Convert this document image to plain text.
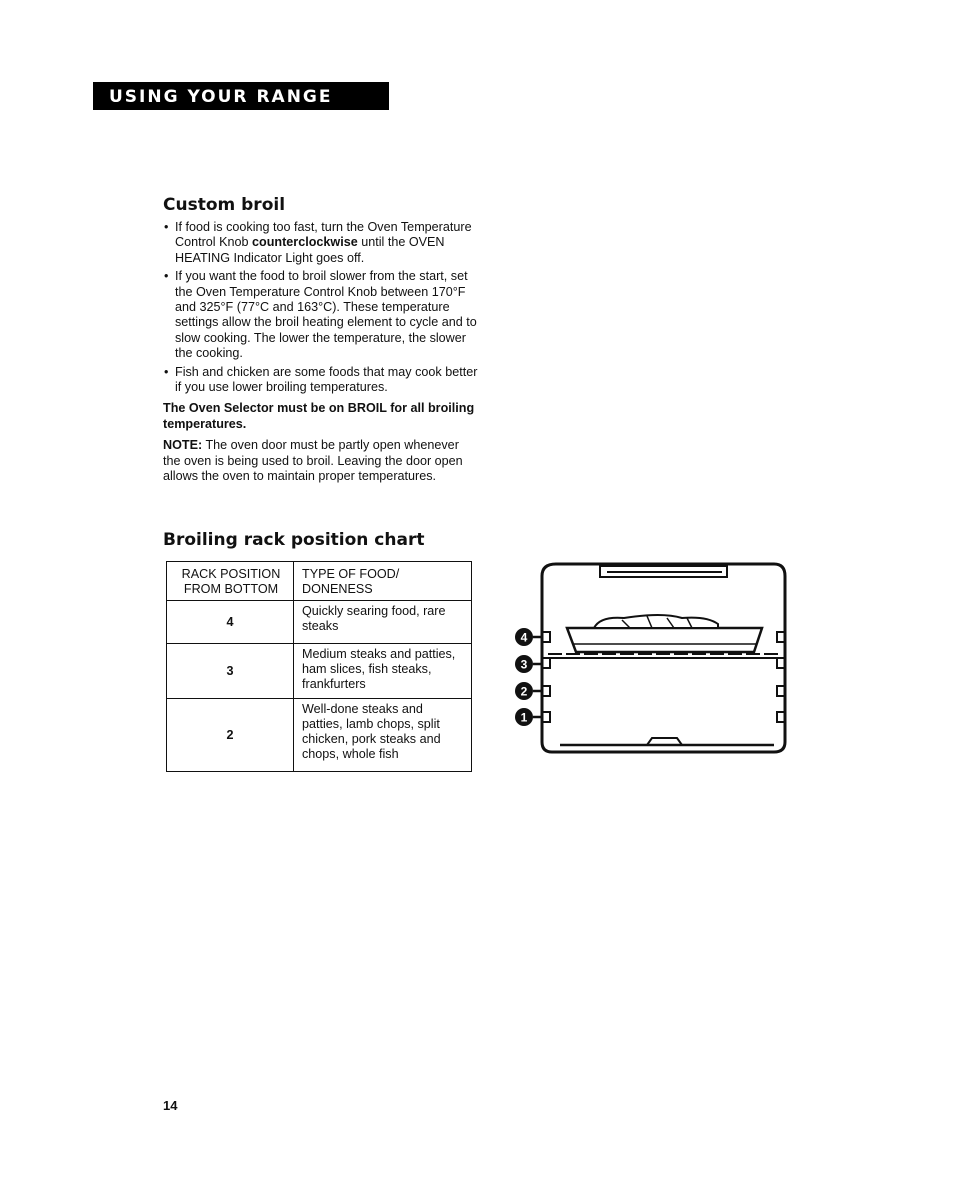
USING YOUR RANGE
Custom broil
• If food is cooking too fast, turn the Oven Temperature Control Knob counterclockwise until the OVEN HEATING Indicator Light goes off.
• If you want the food to broil slower from the start, set the Oven Temperature Control Knob between 170°F and 325°F (77°C and 163°C). These temperature settings allow the broil heating element to cycle and to slow cooking. The lower the temperature, the slower the cooking.
• Fish and chicken are some foods that may cook better if you use lower broiling temperatures.

The Oven Selector must be on BROIL for all broiling temperatures.

NOTE: The oven door must be partly open whenever the oven is being used to broil. Leaving the door open allows the oven to maintain proper temperatures.

Broiling rack position chart
RACK POSITION FROM BOTTOM	TYPE OF FOOD/ DONENESS
4	Quickly searing food, rare steaks
3	Medium steaks and patties, ham slices, fish steaks, frankfurters
2	Well-done steaks and patties, lamb chops, split chicken, pork steaks and chops, whole fish
4
3
2
1
14
